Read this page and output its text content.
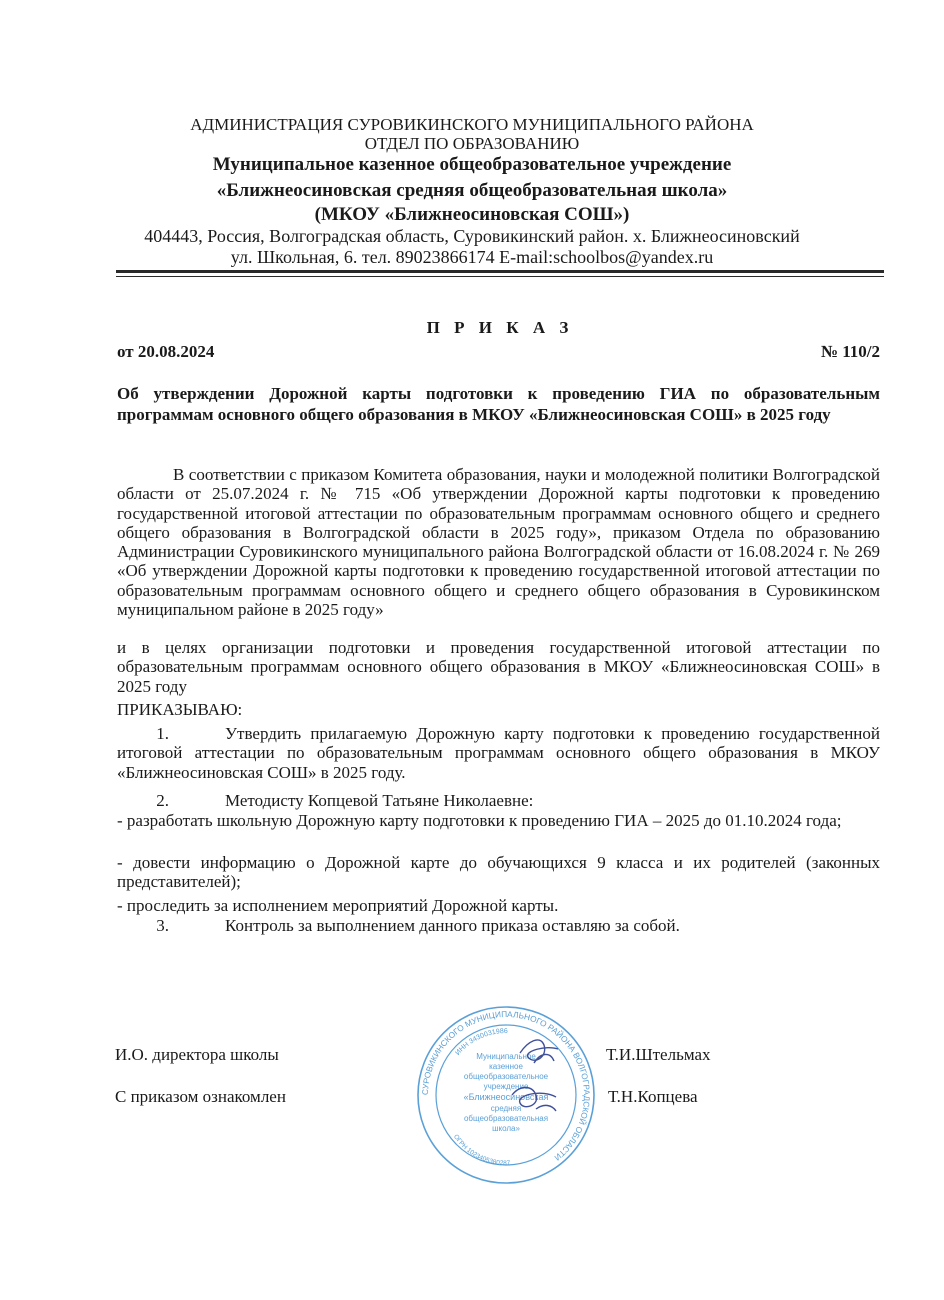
АДМИНИСТРАЦИЯ СУРОВИКИНСКОГО МУНИЦИПАЛЬНОГО РАЙОНА
ОТДЕЛ ПО ОБРАЗОВАНИЮ
Муниципальное казенное общеобразовательное учреждение
«Ближнеосиновская средняя общеобразовательная школа»
(МКОУ «Ближнеосиновская СОШ»)
404443, Россия, Волгоградская область, Суровикинский район. х. Ближнеосиновский
ул. Школьная, 6. тел. 89023866174 E-mail:schoolbos@yandex.ru
П Р И К А З
от 20.08.2024	№ 110/2
Об утверждении Дорожной карты подготовки к проведению ГИА по образовательным программам основного общего образования в МКОУ «Ближнеосиновская СОШ» в 2025 году
В соответствии с приказом Комитета образования, науки и молодежной политики Волгоградской области от 25.07.2024 г. № 715 «Об утверждении Дорожной карты подготовки к проведению государственной итоговой аттестации по образовательным программам основного общего и среднего общего образования в Волгоградской области в 2025 году», приказом Отдела по образованию Администрации Суровикинского муниципального района Волгоградской области от 16.08.2024 г. № 269 «Об утверждении Дорожной карты подготовки к проведению государственной итоговой аттестации по образовательным программам основного общего и среднего общего образования в Суровикинском муниципальном районе в 2025 году»
и в целях организации подготовки и проведения государственной итоговой аттестации по образовательным программам основного общего образования в МКОУ «Ближнеосиновская СОШ» в 2025 году
ПРИКАЗЫВАЮ:
1.	Утвердить прилагаемую Дорожную карту подготовки к проведению государственной итоговой аттестации по образовательным программам основного общего образования в МКОУ «Ближнеосиновская СОШ» в 2025 году.
2.	Методисту Копцевой Татьяне Николаевне:
- разработать школьную Дорожную карту подготовки к проведению ГИА – 2025 до 01.10.2024 года;
- довести информацию о Дорожной карте до обучающихся 9 класса и их родителей (законных представителей);
- проследить за исполнением мероприятий Дорожной карты.
3.	Контроль за выполнением данного приказа оставляю за собой.
И.О. директора школы	Т.И.Штельмах
С приказом ознакомлен	Т.Н.Копцева
СУРОВИКИНСКОГО МУНИЦИПАЛЬНОГО РАЙОНА ВОЛГОГРАДСКОЙ ОБЛАСТИ
ИНН 3430031986
ОГРН 1023405380287
Муниципальное
казенное
общеобразовательное
учреждение
«Ближнеосиновская
средняя
общеобразовательная
школа»
